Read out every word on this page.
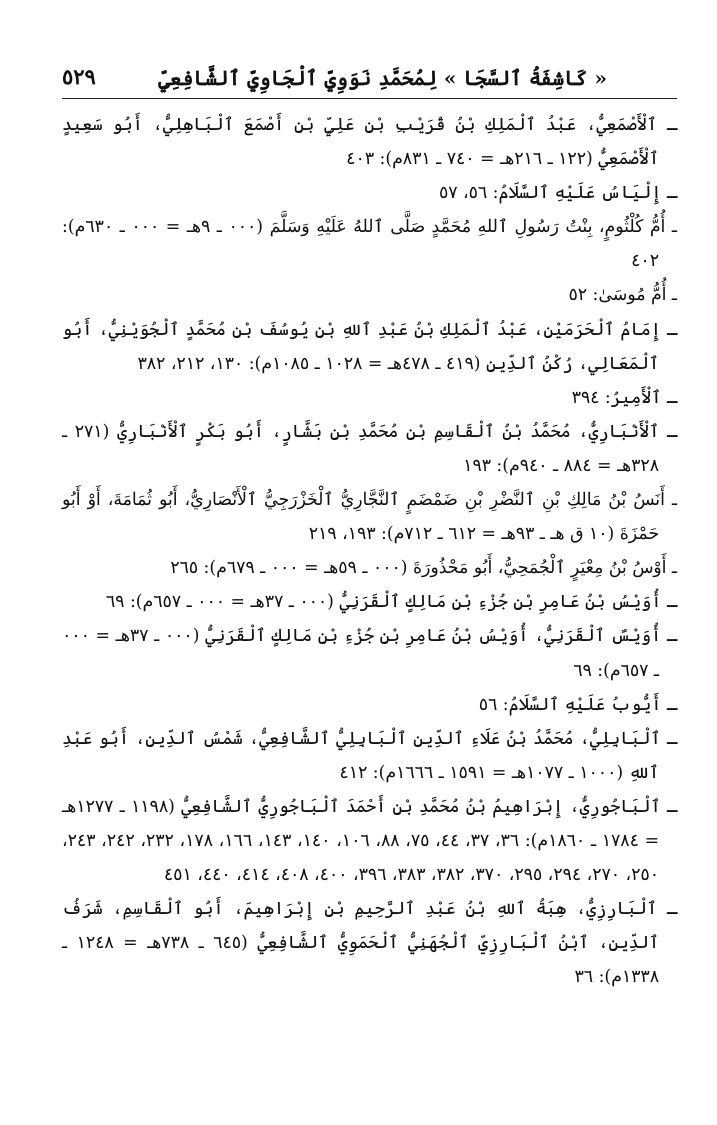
« كَاشِفَةُ ٱلسَّجَا » لِمُحَمَّدِ نَوَوِيِّ ٱلْجَاوِيِّ ٱلشَّافِعِيِّ
٥٢٩

ـ ٱلْأَصْمَعِيُّ، عَبْدُ ٱلْمَلِكِ بْنُ قُرَيْبِ بْنِ عَلِيِّ بْنِ أَصْمَعَ ٱلْبَاهِلِيُّ، أَبُو سَعِيدٍ ٱلْأَصْمَعِيُّ (١٢٢ ـ ٢١٦هـ = ٧٤٠ ـ ٨٣١م): ٤٠٣

ـ إِلْيَاسُ عَلَيْهِ ٱلسَّلَامُ: ٥٦، ٥٧

ـ أُمُّ كُلْثُومٍ، بِنْتُ رَسُولِ ٱللهِ مُحَمَّدٍ صَلَّى ٱللهُ عَلَيْهِ وَسَلَّمَ (٠٠٠ ـ ٩هـ = ٠٠٠ ـ ٦٣٠م): ٤٠٢

ـ أُمُّ مُوسَىٰ: ٥٢

ـ إِمَامُ ٱلْحَرَمَيْنِ، عَبْدُ ٱلْمَلِكِ بْنُ عَبْدِ ٱللهِ بْنِ يُوسُفَ بْنِ مُحَمَّدٍ ٱلْجُوَيْنِيُّ، أَبُو ٱلْمَعَالِي، رُكْنُ ٱلدِّينِ (٤١٩ ـ ٤٧٨هـ = ١٠٢٨ ـ ١٠٨٥م): ١٣٠، ٢١٢، ٣٨٢

ـ ٱلْأَمِيرُ: ٣٩٤

ـ ٱلْأَنْبَارِيُّ، مُحَمَّدُ بْنُ ٱلْقَاسِمِ بْنِ مُحَمَّدِ بْنِ بَشَّارٍ، أَبُو بَكْرٍ ٱلْأَنْبَارِيُّ (٢٧١ ـ ٣٢٨هـ = ٨٨٤ ـ ٩٤٠م): ١٩٣

ـ أَنَسُ بْنُ مَالِكِ بْنِ ٱلنَّضْرِ بْنِ ضَمْضَمٍ ٱلنَّجَّارِيُّ ٱلْخَزْرَجِيُّ ٱلْأَنْصَارِيُّ، أَبُو ثُمَامَةَ، أَوْ أَبُو حَمْزَةَ (١٠ ق هـ ـ ٩٣هـ = ٦١٢ ـ ٧١٢م): ١٩٣، ٢١٩

ـ أَوْسُ بْنُ مِعْيَرٍ ٱلْجُمَحِيُّ، أَبُو مَحْذُورَةَ (٠٠٠ ـ ٥٩هـ = ٠٠٠ ـ ٦٧٩م): ٢٦٥

ـ أُوَيْسُ بْنُ عَامِرِ بْنِ جُزْءِ بْنِ مَالِكٍ ٱلْقَرَنِيُّ (٠٠٠ ـ ٣٧هـ = ٠٠٠ ـ ٦٥٧م): ٦٩

ـ أُوَيْسٌ ٱلْقَرَنِيُّ، أُوَيْسُ بْنُ عَامِرِ بْنِ جُزْءِ بْنِ مَالِكٍ ٱلْقَرَنِيُّ (٠٠٠ ـ ٣٧هـ = ٠٠٠ ـ ٦٥٧م): ٦٩

ـ أَيُّوبُ عَلَيْهِ ٱلسَّلَامُ: ٥٦

ـ ٱلْبَابِلِيُّ، مُحَمَّدُ بْنُ عَلَاءِ ٱلدِّينِ ٱلْبَابِلِيُّ ٱلشَّافِعِيُّ، شَمْسُ ٱلدِّينِ، أَبُو عَبْدِ ٱللهِ (١٠٠٠ ـ ١٠٧٧هـ = ١٥٩١ ـ ١٦٦٦م): ٤١٢

ـ ٱلْبَاجُورِيُّ، إِبْرَاهِيمُ بْنُ مُحَمَّدِ بْنِ أَحْمَدَ ٱلْبَاجُورِيُّ ٱلشَّافِعِيُّ (١١٩٨ ـ ١٢٧٧هـ = ١٧٨٤ ـ ١٨٦٠م): ٣٦، ٣٧، ٤٤، ٧٥، ٨٨، ١٠٦، ١٤٠، ١٤٣، ١٦٦، ١٧٨، ٢٣٢، ٢٤٢، ٢٤٣، ٢٥٠، ٢٧٠، ٢٩٤، ٢٩٥، ٣٧٠، ٣٨٢، ٣٨٣، ٣٩٦، ٤٠٠، ٤٠٨، ٤١٤، ٤٤٠، ٤٥١

ـ ٱلْبَارِزِيُّ، هِبَةُ ٱللهِ بْنُ عَبْدِ ٱلرَّحِيمِ بْنِ إِبْرَاهِيمَ، أَبُو ٱلْقَاسِمِ، شَرَفُ ٱلدِّينِ، ٱبْنُ ٱلْبَارِزِيِّ ٱلْجُهَنِيُّ ٱلْحَمَوِيُّ ٱلشَّافِعِيُّ (٦٤٥ ـ ٧٣٨هـ = ١٢٤٨ ـ ١٣٣٨م): ٣٦
